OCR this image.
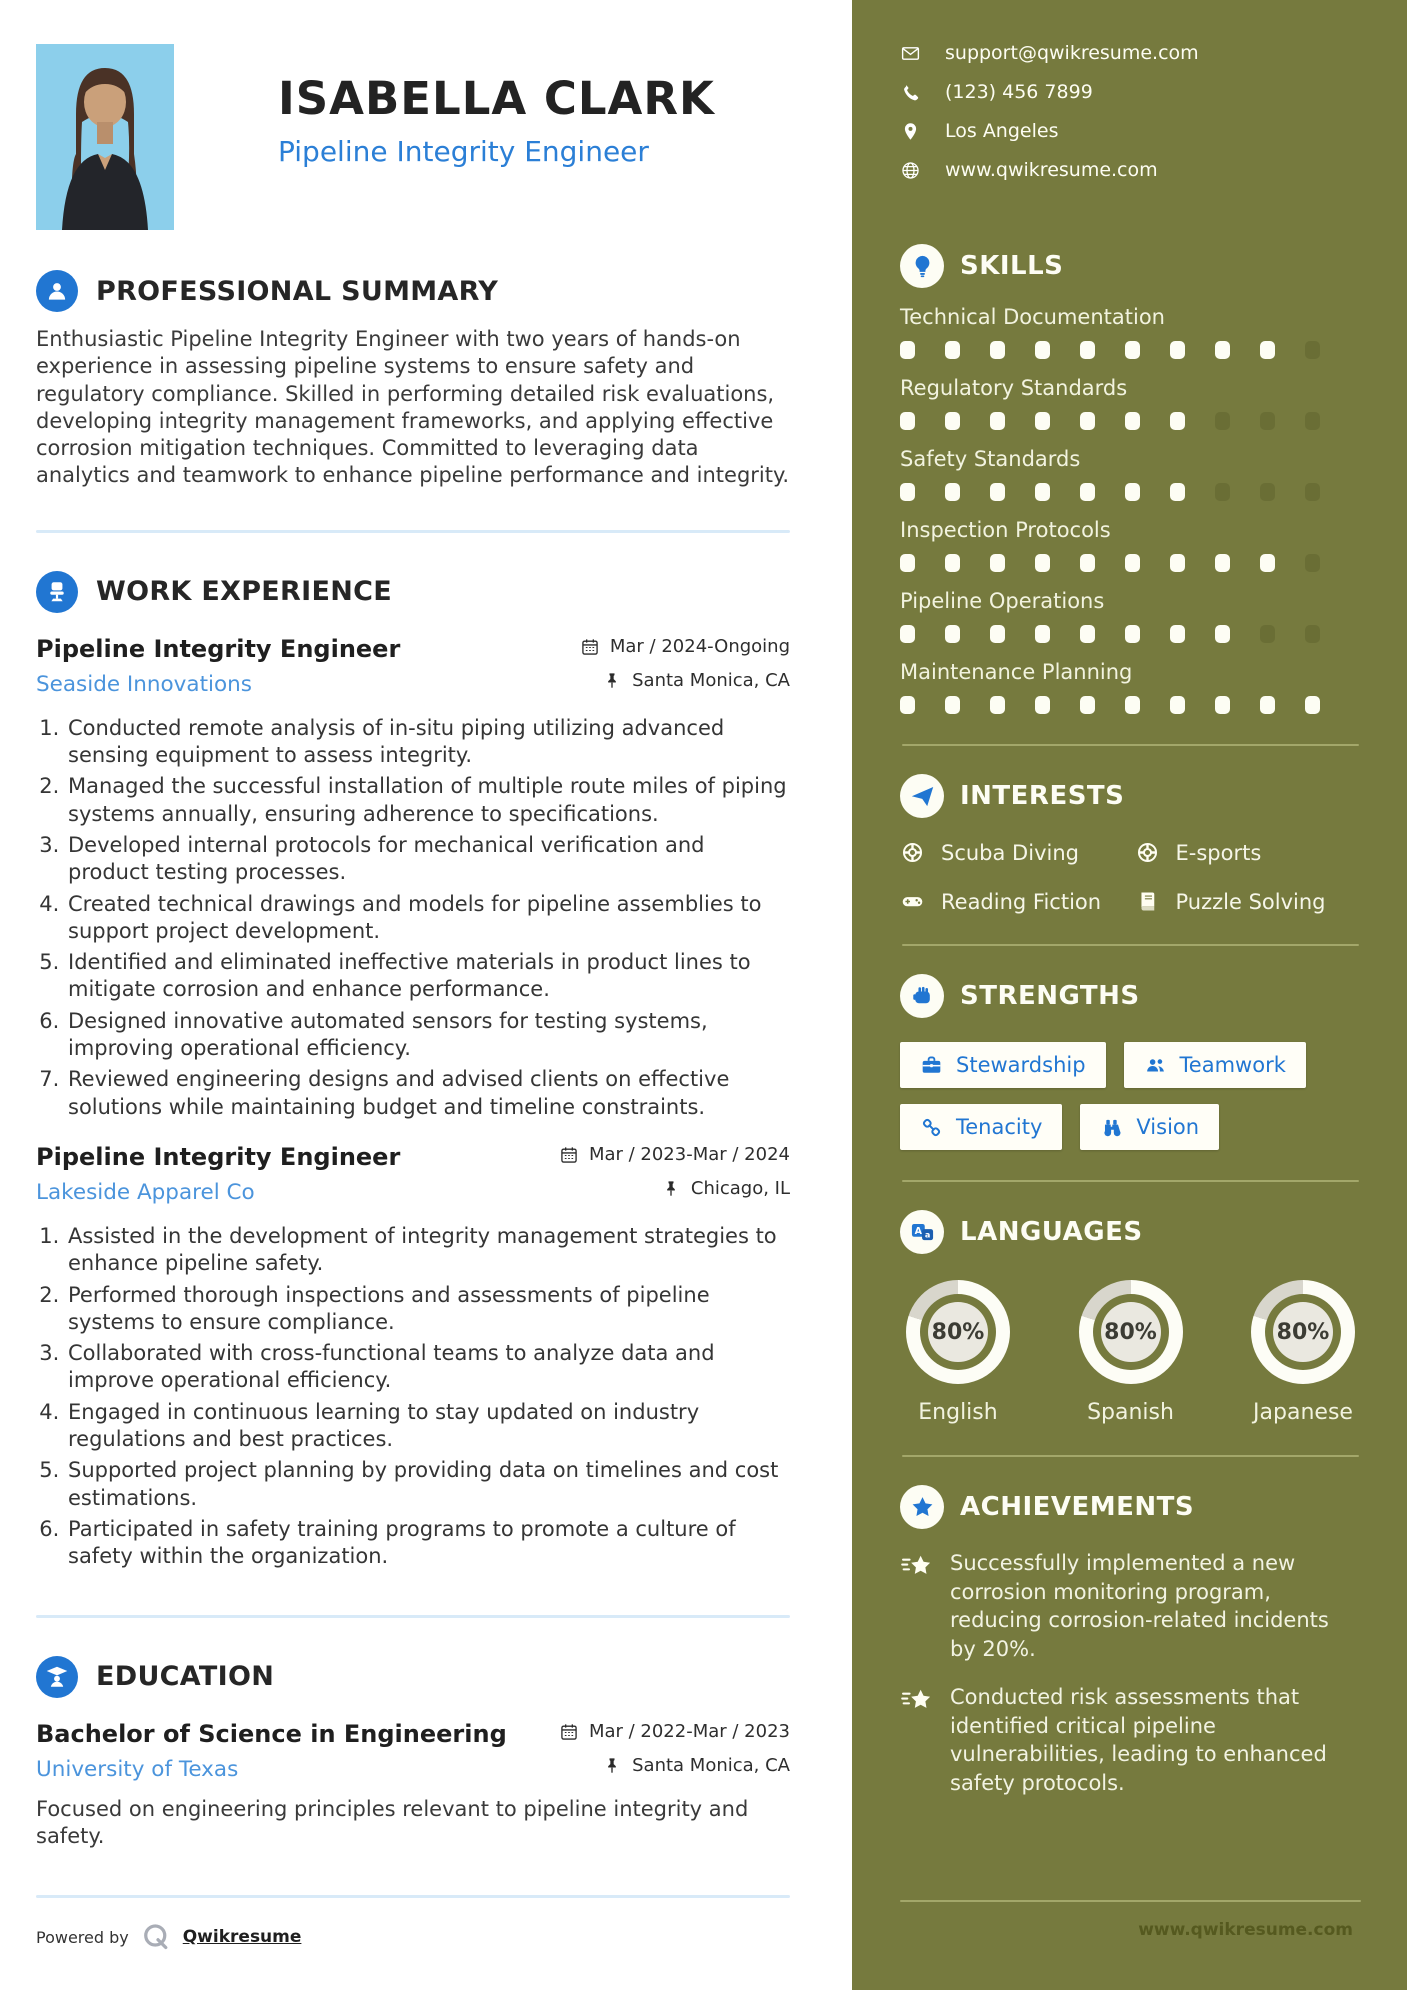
ISABELLA CLARK
Pipeline Integrity Engineer
PROFESSIONAL SUMMARY

Enthusiastic Pipeline Integrity Engineer with two years of hands-on experience in assessing pipeline systems to ensure safety and regulatory compliance. Skilled in performing detailed risk evaluations, developing integrity management frameworks, and applying effective corrosion mitigation techniques. Committed to leveraging data analytics and teamwork to enhance pipeline performance and integrity.

WORK EXPERIENCE
Pipeline Integrity Engineer	Mar / 2024-Ongoing
Seaside Innovations	Santa Monica, CA
1. Conducted remote analysis of in-situ piping utilizing advanced sensing equipment to assess integrity.
2. Managed the successful installation of multiple route miles of piping systems annually, ensuring adherence to specifications.
3. Developed internal protocols for mechanical verification and product testing processes.
4. Created technical drawings and models for pipeline assemblies to support project development.
5. Identified and eliminated ineffective materials in product lines to mitigate corrosion and enhance performance.
6. Designed innovative automated sensors for testing systems, improving operational efficiency.
7. Reviewed engineering designs and advised clients on effective solutions while maintaining budget and timeline constraints.
Pipeline Integrity Engineer	Mar / 2023-Mar / 2024
Lakeside Apparel Co	Chicago, IL
1. Assisted in the development of integrity management strategies to enhance pipeline safety.
2. Performed thorough inspections and assessments of pipeline systems to ensure compliance.
3. Collaborated with cross-functional teams to analyze data and improve operational efficiency.
4. Engaged in continuous learning to stay updated on industry regulations and best practices.
5. Supported project planning by providing data on timelines and cost estimations.
6. Participated in safety training programs to promote a culture of safety within the organization.
EDUCATION
Bachelor of Science in Engineering	Mar / 2022-Mar / 2023
University of Texas	Santa Monica, CA

Focused on engineering principles relevant to pipeline integrity and safety.

Powered by	Qwikresume
support@qwikresume.com
(123) 456 7899
Los Angeles
www.qwikresume.com
SKILLS
Technical Documentation
Regulatory Standards
Safety Standards
Inspection Protocols
Pipeline Operations
Maintenance Planning
INTERESTS
Scuba Diving	E-sports
Reading Fiction	Puzzle Solving
STRENGTHS
Stewardship	Teamwork
Tenacity	Vision
A a LANGUAGES
80%
English
80%
Spanish
80%
Japanese
ACHIEVEMENTS
Successfully implemented a new corrosion monitoring program, reducing corrosion-related incidents by 20%.
Conducted risk assessments that identified critical pipeline vulnerabilities, leading to enhanced safety protocols.
www.qwikresume.com
